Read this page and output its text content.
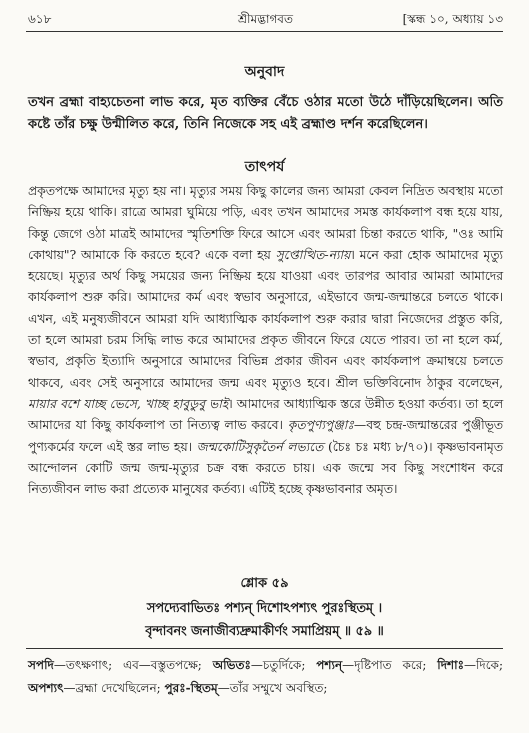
৬১৮	শ্রীমদ্ভাগবত	[স্কন্ধ ১০, অধ্যায় ১৩
অনুবাদ
তখন ব্রহ্মা বাহ্যচেতনা লাভ করে, মৃত ব্যক্তির বেঁচে ওঠার মতো উঠে দাঁড়িয়েছিলেন। অতি কষ্টে তাঁর চক্ষু উন্মীলিত করে, তিনি নিজেকে সহ এই ব্রহ্মাণ্ড দর্শন করেছিলেন।
তাৎপর্য
প্রকৃতপক্ষে আমাদের মৃত্যু হয় না। মৃত্যুর সময় কিছু কালের জন্য আমরা কেবল নিদ্রিত অবস্থায় মতো নিষ্ক্রিয় হয়ে থাকি। রাত্রে আমরা ঘুমিয়ে পড়ি, এবং তখন আমাদের সমস্ত কার্যকলাপ বন্ধ হয়ে যায়, কিন্তু জেগে ওঠা মাত্রই আমাদের স্মৃতিশক্তি ফিরে আসে এবং আমরা চিন্তা করতে থাকি, "ওঃ আমি কোথায়"? আমাকে কি করতে হবে? একে বলা হয় সুপ্তোত্থিত-ন্যায়। মনে করা হোক আমাদের মৃত্যু হয়েছে। মৃত্যুর অর্থ কিছু সময়ের জন্য নিষ্ক্রিয় হয়ে যাওয়া এবং তারপর আবার আমরা আমাদের কার্যকলাপ শুরু করি। আমাদের কর্ম এবং স্বভাব অনুসারে, এইভাবে জন্ম-জন্মান্তরে চলতে থাকে। এখন, এই মনুষ্যজীবনে আমরা যদি আধ্যাত্মিক কার্যকলাপ শুরু করার দ্বারা নিজেদের প্রস্তুত করি, তা হলে আমরা চরম সিদ্ধি লাভ করে আমাদের প্রকৃত জীবনে ফিরে যেতে পারব। তা না হলে কর্ম, স্বভাব, প্রকৃতি ইত্যাদি অনুসারে আমাদের বিভিন্ন প্রকার জীবন এবং কার্যকলাপ ক্রমাম্বয়ে চলতে থাকবে, এবং সেই অনুসারে আমাদের জন্ম এবং মৃত্যুও হবে। শ্রীল ভক্তিবিনোদ ঠাকুর বলেছেন, মায়ার বশে যাচ্ছ ভেসে, খাচ্ছ হাবুডুবু ভাই। আমাদের আধ্যাত্মিক স্তরে উন্নীত হওয়া কর্তব্য। তা হলে আমাদের যা কিছু কার্যকলাপ তা নিত্যত্ব লাভ করবে। কৃতপুণ্যপুঞ্জাঃ—বহু চন্দ্র-জন্মান্তরের পুঞ্জীভূত পুণ্যকর্মের ফলে এই স্তর লাভ হয়। জন্মকোটিসুকৃতৈর্ন লভ্যতে (চৈঃ চঃ মধ্য ৮/৭০)। কৃষ্ণভাবনামৃত আন্দোলন কোটি জন্ম জন্ম-মৃত্যুর চক্র বন্ধ করতে চায়। এক জন্মে সব কিছু সংশোধন করে নিত্যজীবন লাভ করা প্রত্যেক মানুষের কর্তব্য। এটিই হচ্ছে কৃষ্ণভাবনার অমৃত।
শ্লোক ৫৯
সপদ্যেবাভিতঃ পশ্যন্ দিশোঽপশ্যৎ পুরঃস্থিতম্ ।
বৃন্দাবনং জনাজীব্যদ্রুমাকীর্ণং সমাপ্রিয়ম্ ॥ ৫৯ ॥
সপদি—তৎক্ষণাৎ; এব—বস্তুতপক্ষে; অভিতঃ—চতুর্দিকে; পশ্যন্—দৃষ্টিপাত করে; দিশাঃ—দিকে; অপশ্যৎ—ব্রহ্মা দেখেছিলেন; পুরঃ-স্থিতম্—তাঁর সম্মুখে অবস্থিত;
